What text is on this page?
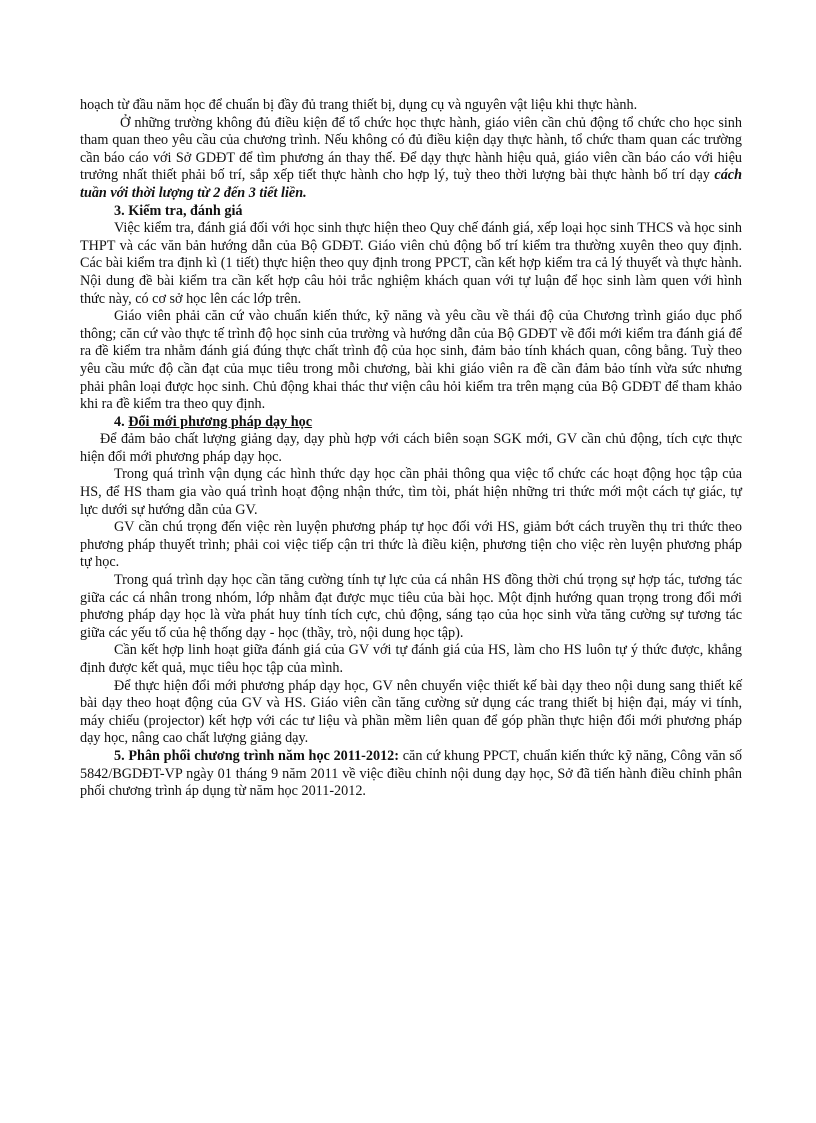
hoạch từ đầu năm học để chuẩn bị đầy đủ trang thiết bị, dụng cụ và nguyên vật liệu khi thực hành.

Ở những trường không đủ điều kiện để tổ chức học thực hành, giáo viên cần chủ động tổ chức cho học sinh tham quan theo yêu cầu của chương trình. Nếu không có đủ điều kiện dạy thực hành, tổ chức tham quan các trường cần báo cáo với Sở GDĐT để tìm phương án thay thế. Để dạy thực hành hiệu quả, giáo viên cần báo cáo với hiệu trưởng nhất thiết phải bố trí, sắp xếp tiết thực hành cho hợp lý, tuỳ theo thời lượng bài thực hành bố trí dạy cách tuần với thời lượng từ 2 đến 3 tiết liền.

3. Kiểm tra, đánh giá

Việc kiểm tra, đánh giá đối với học sinh thực hiện theo Quy chế đánh giá, xếp loại học sinh THCS và học sinh THPT và các văn bản hướng dẫn của Bộ GDĐT. Giáo viên chủ động bố trí kiểm tra thường xuyên theo quy định. Các bài kiểm tra định kì (1 tiết) thực hiện theo quy định trong PPCT, cần kết hợp kiểm tra cả lý thuyết và thực hành. Nội dung đề bài kiểm tra cần kết hợp câu hỏi trắc nghiệm khách quan với tự luận để học sinh làm quen với hình thức này, có cơ sở học lên các lớp trên.

Giáo viên phải căn cứ vào chuẩn kiến thức, kỹ năng và yêu cầu về thái độ của Chương trình giáo dục phổ thông; căn cứ vào thực tế trình độ học sinh của trường và hướng dẫn của Bộ GDĐT về đổi mới kiểm tra đánh giá để ra đề kiểm tra nhằm đánh giá đúng thực chất trình độ của học sinh, đảm bảo tính khách quan, công bằng. Tuỳ theo yêu cầu mức độ cần đạt của mục tiêu trong mỗi chương, bài khi giáo viên ra đề cần đảm bảo tính vừa sức nhưng phải phân loại được học sinh. Chủ động khai thác thư viện câu hỏi kiểm tra trên mạng của Bộ GDĐT để tham khảo khi ra đề kiểm tra theo quy định.

4. Đổi mới phương pháp dạy học

Để đảm bảo chất lượng giảng dạy, dạy phù hợp với cách biên soạn SGK mới, GV cần chủ động, tích cực thực hiện đổi mới phương pháp dạy học.

Trong quá trình vận dụng các hình thức dạy học cần phải thông qua việc tổ chức các hoạt động học tập của HS, để HS tham gia vào quá trình hoạt động nhận thức, tìm tòi, phát hiện những tri thức mới một cách tự giác, tự lực dưới sự hướng dẫn của GV.

GV cần chú trọng đến việc rèn luyện phương pháp tự học đối với HS, giảm bớt cách truyền thụ tri thức theo phương pháp thuyết trình; phải coi việc tiếp cận tri thức là điều kiện, phương tiện cho việc rèn luyện phương pháp tự học.

Trong quá trình dạy học cần tăng cường tính tự lực của cá nhân HS đồng thời chú trọng sự hợp tác, tương tác giữa các cá nhân trong nhóm, lớp nhằm đạt được mục tiêu của bài học. Một định hướng quan trọng trong đổi mới phương pháp dạy học là vừa phát huy tính tích cực, chủ động, sáng tạo của học sinh vừa tăng cường sự tương tác giữa các yếu tố của hệ thống dạy - học (thầy, trò, nội dung học tập).

Cần kết hợp linh hoạt giữa đánh giá của GV với tự đánh giá của HS, làm cho HS luôn tự ý thức được, khẳng định được kết quả, mục tiêu học tập của mình.

Để thực hiện đổi mới phương pháp dạy học, GV nên chuyển việc thiết kế bài dạy theo nội dung sang thiết kế bài dạy theo hoạt động của GV và HS. Giáo viên cần tăng cường sử dụng các trang thiết bị hiện đại, máy vi tính, máy chiếu (projector) kết hợp với các tư liệu và phần mềm liên quan để góp phần thực hiện đổi mới phương pháp dạy học, nâng cao chất lượng giảng dạy.

5. Phân phối chương trình năm học 2011-2012: căn cứ khung PPCT, chuẩn kiến thức kỹ năng, Công văn số 5842/BGDĐT-VP ngày 01 tháng 9 năm 2011 về việc điều chỉnh nội dung dạy học, Sở đã tiến hành điều chỉnh phân phối chương trình áp dụng từ năm học 2011-2012.
